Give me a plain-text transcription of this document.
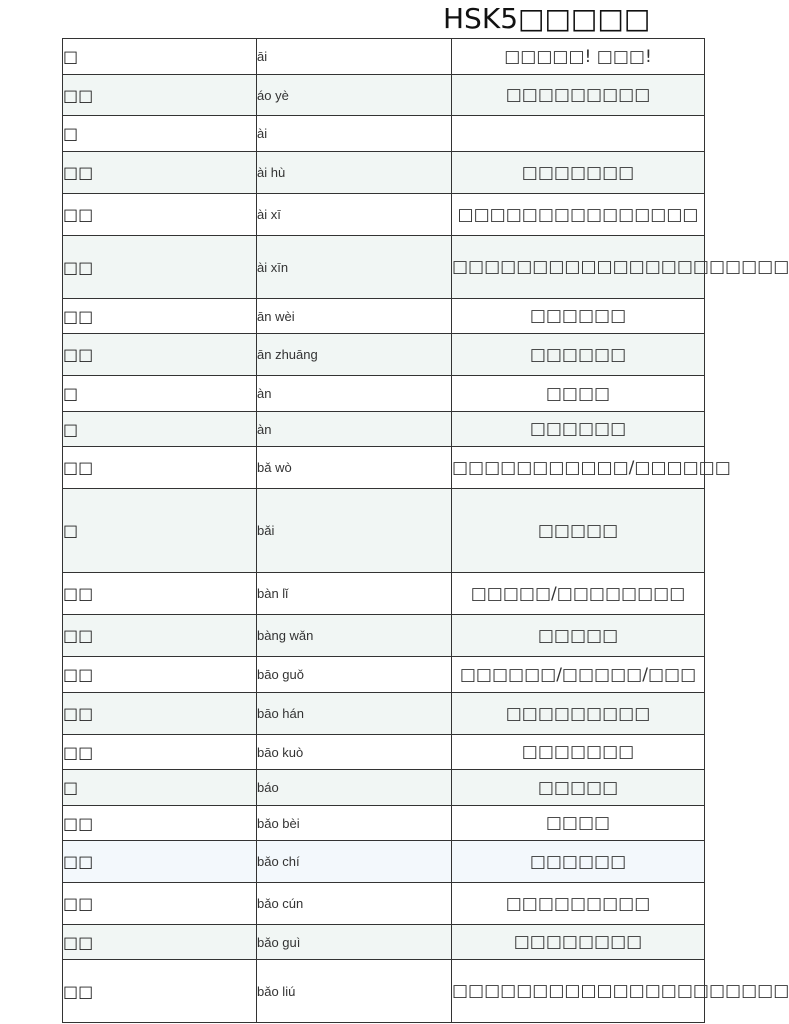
HSK5□□□□□
□	āi	□□□□□! □□□!
□□	áo yè	□□□□□□□□□
□	ài	
□□	ài hù	□□□□□□□
□□	ài xī	□□□□□□□□□□□□□□□
□□	ài xīn	□□□□□□□□□□□□□□□□□□□□□
□□	ān wèi	□□□□□□
□□	ān zhuāng	□□□□□□
□	àn	□□□□
□	àn	□□□□□□
□□	bǎ wò	□□□□□□□□□□□/□□□□□□
□	bǎi	□□□□□
□□	bàn lǐ	□□□□□/□□□□□□□□
□□	bàng wǎn	□□□□□
□□	bāo guǒ	□□□□□□/□□□□□/□□□
□□	bāo hán	□□□□□□□□□
□□	bāo kuò	□□□□□□□
□	báo	□□□□□
□□	bǎo bèi	□□□□
□□	bǎo chí	□□□□□□
□□	bǎo cún	□□□□□□□□□
□□	bǎo guì	□□□□□□□□
□□	bǎo liú	□□□□□□□□□□□□□□□□□□□□□
